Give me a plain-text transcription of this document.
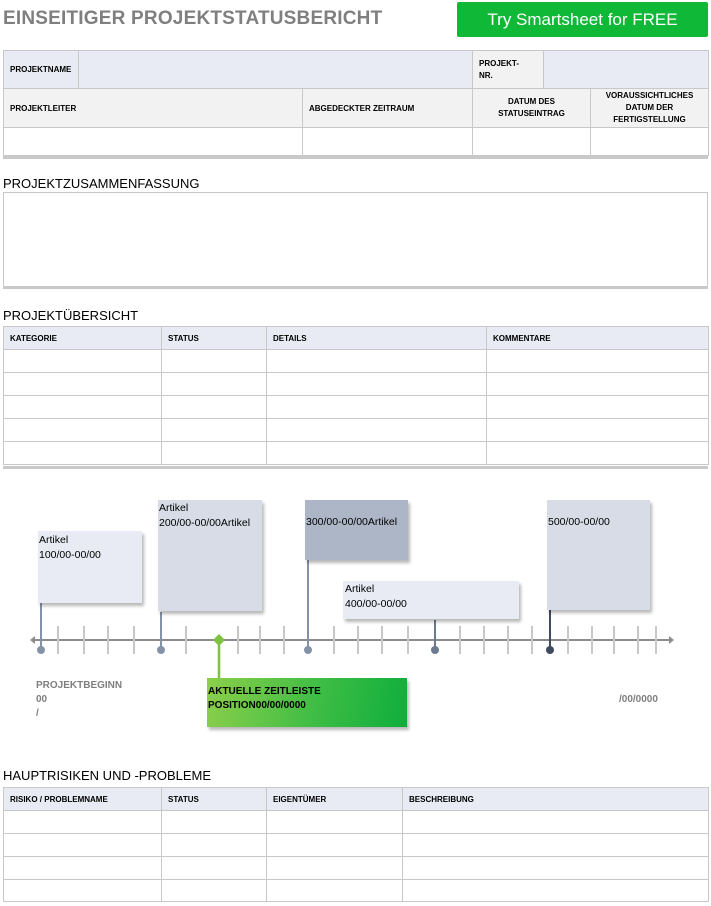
EINSEITIGER PROJEKTSTATUSBERICHT	Try Smartsheet for FREE
PROJEKTNAME			PROJEKT-NR.		

PROJEKTLEITER		ABGEDECKTER ZEITRAUM	DATUM DES STATUSEINTRAG		VORAUSSICHTLICHES DATUM DER FERTIGSTELLUNG

PROJEKTZUSAMMENFASSUNG
PROJEKTÜBERSICHT
KATEGORIE	STATUS	DETAILS	KOMMENTARE

Artikel
100/00-00/00
Artikel
200/00-00/00Artikel	300/00-00/00Artikel
Artikel
400/00-00/00
500/00-00/00
PROJEKTBEGINN
00
/
AKTUELLE ZEITLEISTE
POSITION00/00/0000
/00/0000
HAUPTRISIKEN UND -PROBLEME
RISIKO / PROBLEMNAME	STATUS	EIGENTÜMER	BESCHREIBUNG
